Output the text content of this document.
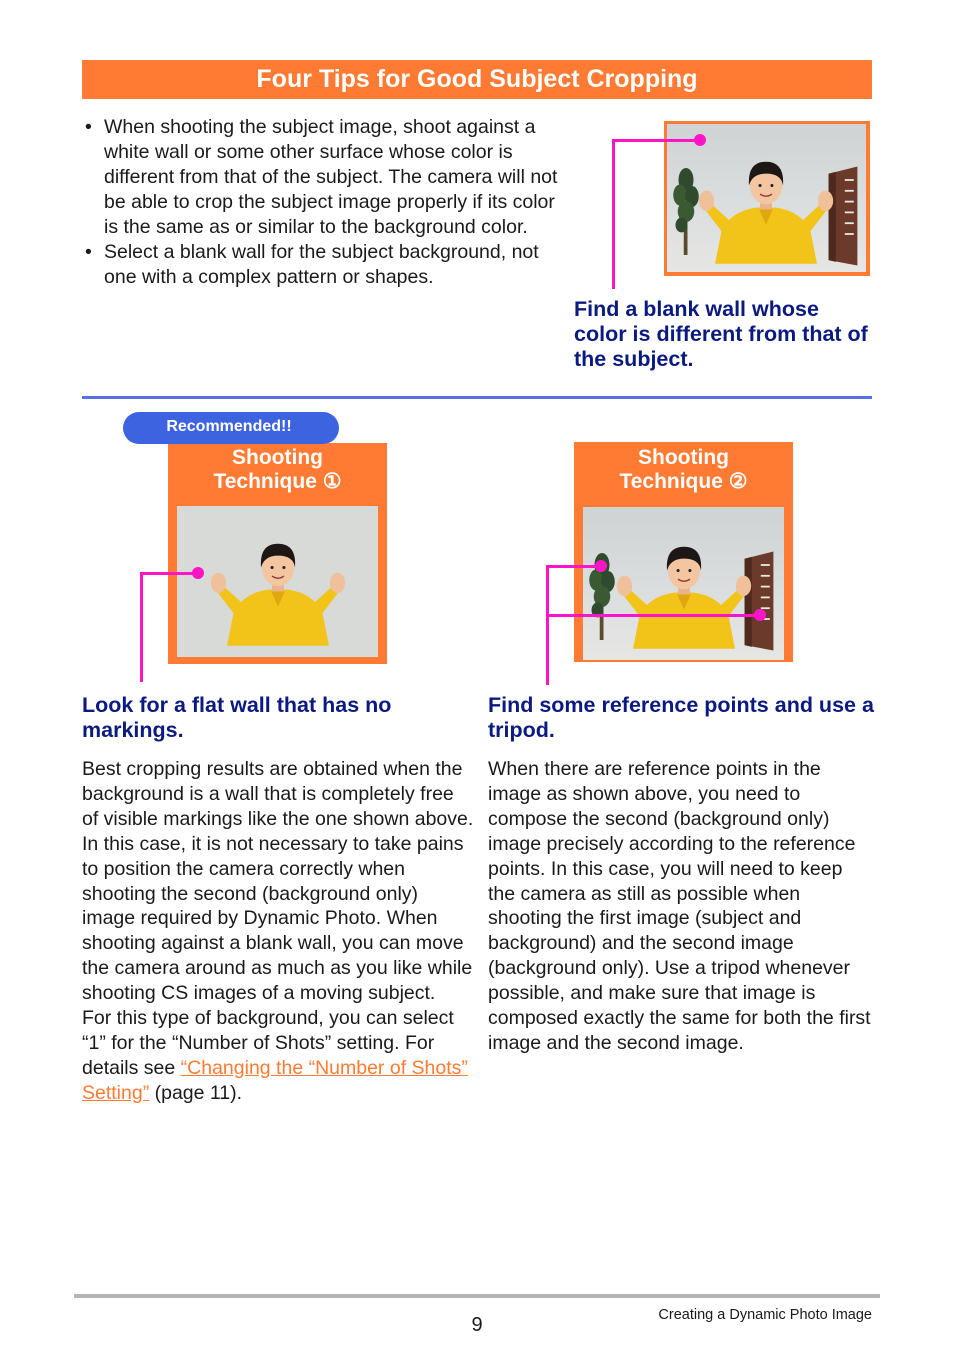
Four Tips for Good Subject Cropping
• When shooting the subject image, shoot against a white wall or some other surface whose color is different from that of the subject. The camera will not be able to crop the subject image properly if its color is the same as or similar to the background color.
• Select a blank wall for the subject background, not one with a complex pattern or shapes.
Find a blank wall whose color is different from that of the subject.
Shooting
Technique ①
Recommended!!
Shooting
Technique ②
Look for a flat wall that has no markings.

Best cropping results are obtained when the background is a wall that is completely free of visible markings like the one shown above. In this case, it is not necessary to take pains to position the camera correctly when shooting the second (background only) image required by Dynamic Photo. When shooting against a blank wall, you can move the camera around as much as you like while shooting CS images of a moving subject.

For this type of background, you can select “1” for the “Number of Shots” setting. For details see “Changing the “Number of Shots” Setting” (page 11).

Find some reference points and use a tripod.

When there are reference points in the image as shown above, you need to compose the second (background only) image precisely according to the reference points. In this case, you will need to keep the camera as still as possible when shooting the first image (subject and background) and the second image (background only). Use a tripod whenever possible, and make sure that image is composed exactly the same for both the first image and the second image.

9	Creating a Dynamic Photo Image
